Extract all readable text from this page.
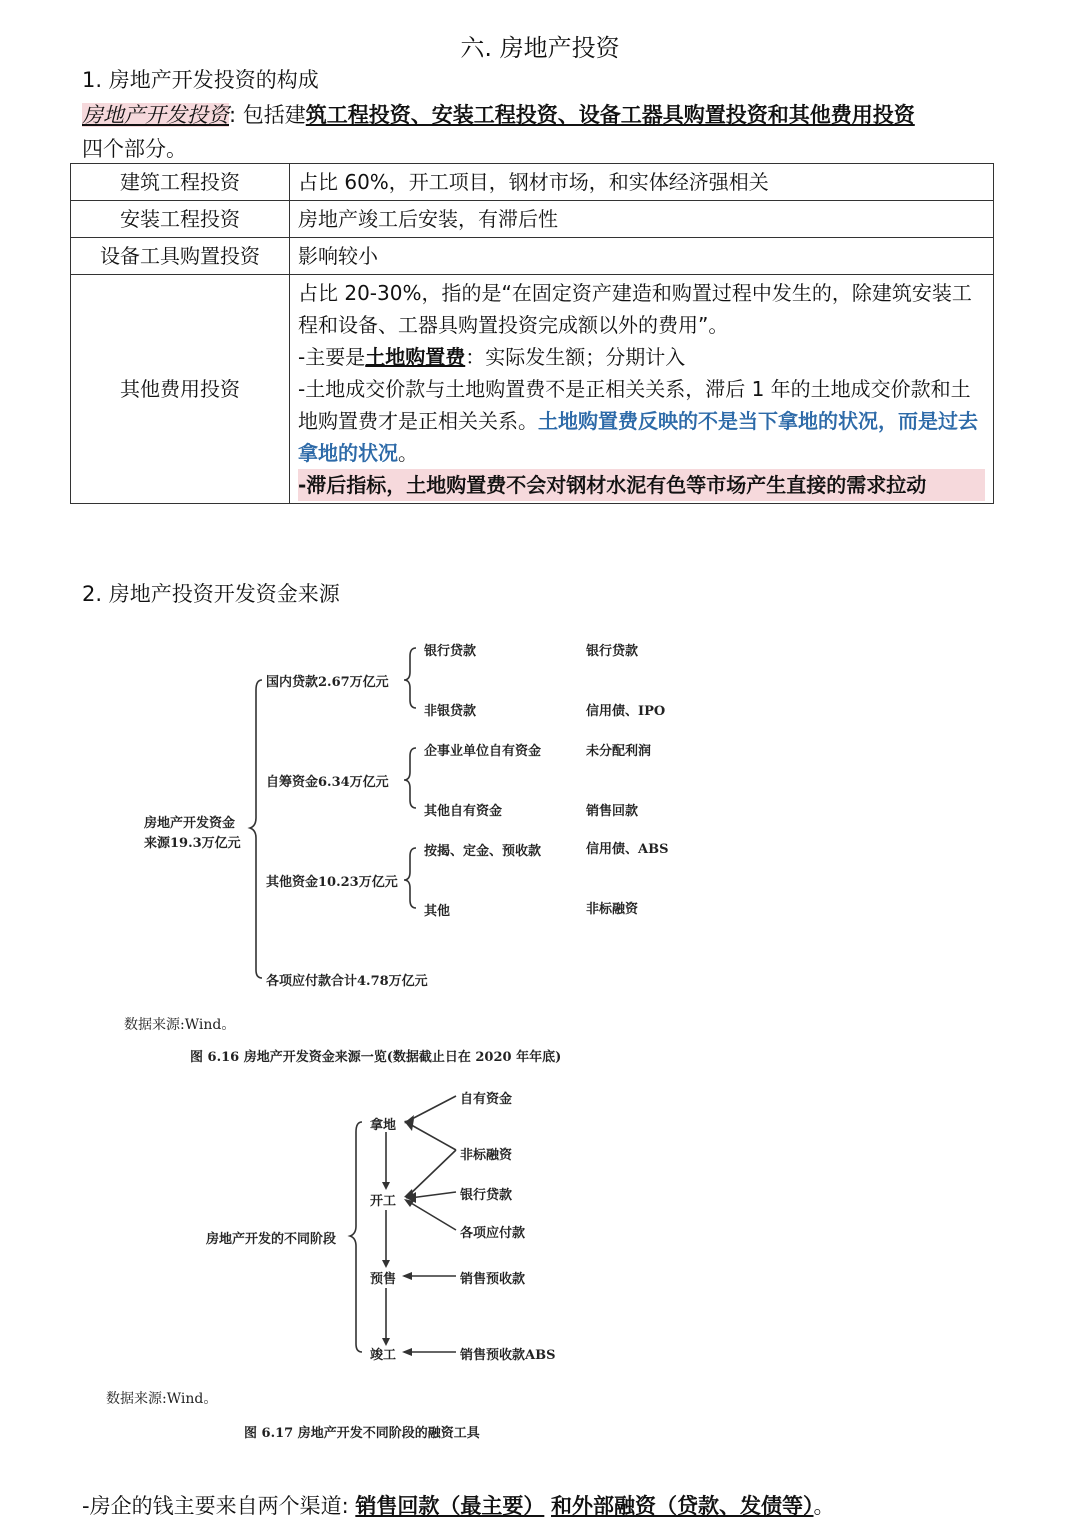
六. 房地产投资
1. 房地产开发投资的构成
房地产开发投资: 包括建筑工程投资、安装工程投资、设备工器具购置投资和其他费用投资
四个部分。
建筑工程投资	占比 60%，开工项目，钢材市场，和实体经济强相关
安装工程投资	房地产竣工后安装，有滞后性
设备工具购置投资	影响较小
其他费用投资	占比 20-30%，指的是“在固定资产建造和购置过程中发生的，除建筑安装工程和设备、工器具购置投资完成额以外的费用”。
-主要是土地购置费：实际发生额；分期计入
-土地成交价款与土地购置费不是正相关关系，滞后 1 年的土地成交价款和土地购置费才是正相关关系。土地购置费反映的不是当下拿地的状况，而是过去拿地的状况。
-滞后指标，土地购置费不会对钢材水泥有色等市场产生直接的需求拉动
2. 房地产投资开发资金来源
房地产开发资金
来源19.3万亿元
国内贷款2.67万亿元
银行贷款	银行贷款
非银贷款	信用债、IPO
自筹资金6.34万亿元
企事业单位自有资金	未分配利润
其他自有资金	销售回款
其他资金10.23万亿元
按揭、定金、预收款	信用债、ABS
其他	非标融资
各项应付款合计4.78万亿元
数据来源:Wind。
图 6.16 房地产开发资金来源一览(数据截止日在 2020 年年底)
房地产开发的不同阶段
拿地
开工
预售
竣工
自有资金
非标融资
银行贷款
各项应付款
销售预收款
销售预收款ABS
数据来源:Wind。
图 6.17 房地产开发不同阶段的融资工具
-房企的钱主要来自两个渠道: 销售回款（最主要） 和外部融资（贷款、发债等）。
